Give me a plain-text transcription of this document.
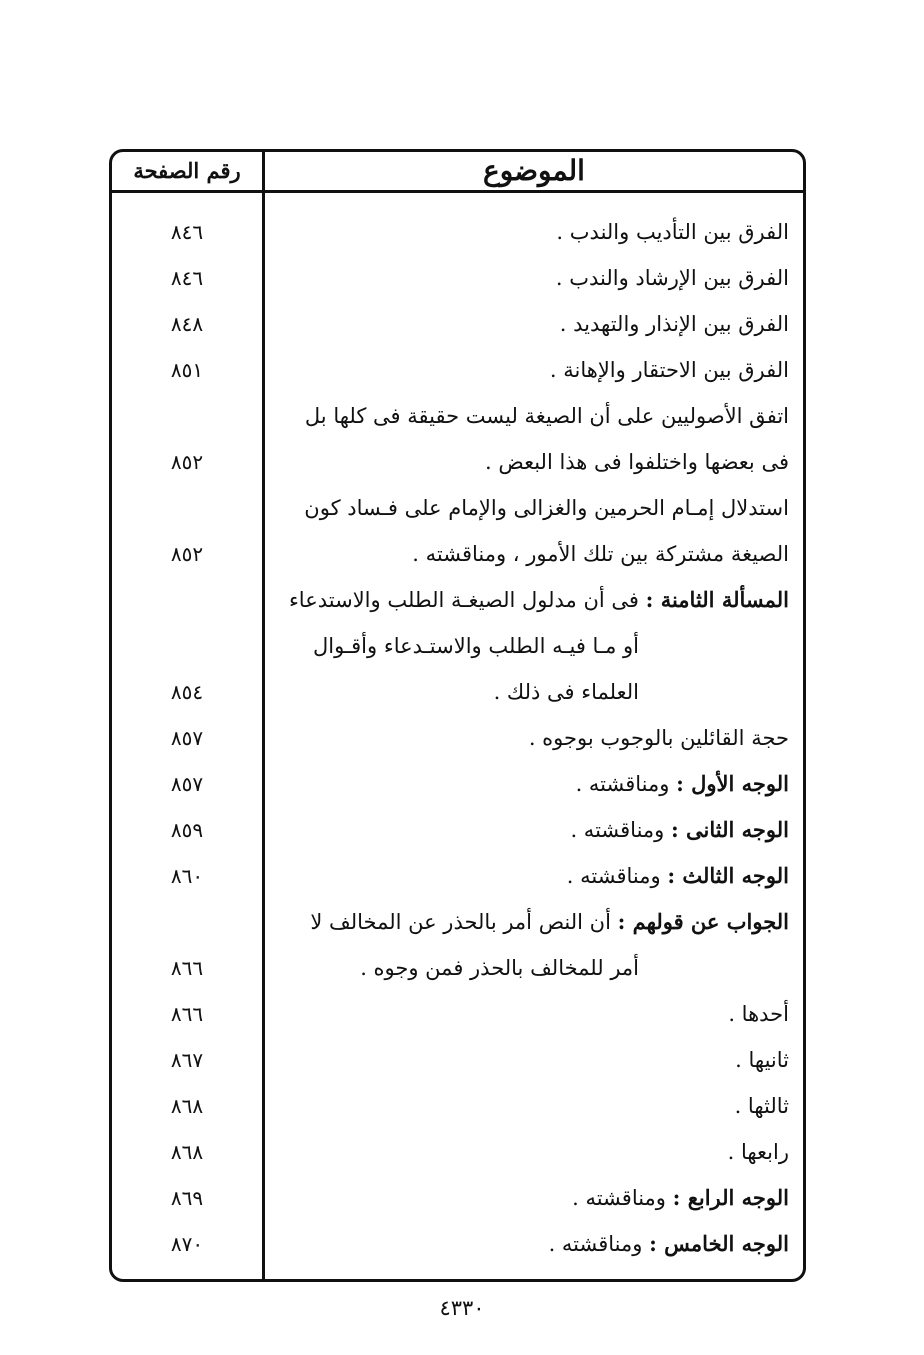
الموضوع
رقم الصفحة

الفرق بين التأديب والندب .

٨٤٦

الفرق بين الإرشاد والندب .

٨٤٦

الفرق بين الإنذار والتهديد .

٨٤٨

الفرق بين الاحتقار والإهانة .

٨٥١

اتفق الأصوليين على أن الصيغة ليست حقيقة فى كلها بل

فى بعضها واختلفوا فى هذا البعض .

٨٥٢

استدلال إمـام الحرمين والغزالى والإمام على فـساد كون

الصيغة مشتركة بين تلك الأمور ، ومناقشته .

٨٥٢

المسألة الثامنة : فى أن مدلول الصيغـة الطلب والاستدعاء

أو مـا فيـه الطلب والاستـدعاء وأقـوال

العلماء فى ذلك .

٨٥٤

حجة القائلين بالوجوب بوجوه .

٨٥٧

الوجه الأول : ومناقشته .

٨٥٧

الوجه الثانى : ومناقشته .

٨٥٩

الوجه الثالث : ومناقشته .

٨٦٠

الجواب عن قولهم : أن النص أمر بالحذر عن المخالف لا

أمر للمخالف بالحذر فمن وجوه .

٨٦٦

أحدها .

٨٦٦

ثانيها .

٨٦٧

ثالثها .

٨٦٨

رابعها .

٨٦٨

الوجه الرابع : ومناقشته .

٨٦٩

الوجه الخامس : ومناقشته .

٨٧٠
٤٣٣٠
